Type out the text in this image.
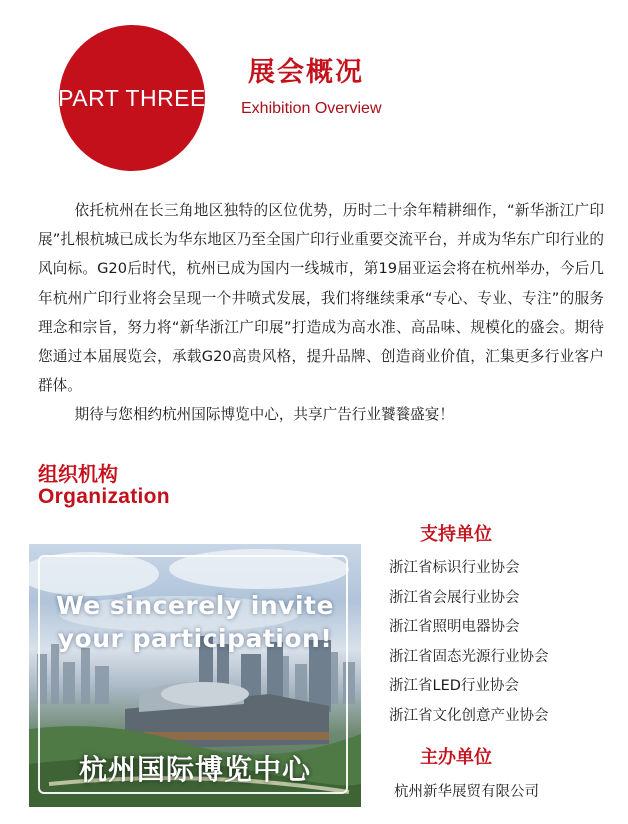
PART THREE
展会概况
Exhibition Overview

依托杭州在长三角地区独特的区位优势，历时二十余年精耕细作，“新华浙江广印展”扎根杭城已成长为华东地区乃至全国广印行业重要交流平台，并成为华东广印行业的风向标。G20后时代，杭州已成为国内一线城市，第19届亚运会将在杭州举办，今后几年杭州广印行业将会呈现一个井喷式发展，我们将继续秉承“专心、专业、专注”的服务理念和宗旨，努力将“新华浙江广印展”打造成为高水准、高品味、规模化的盛会。期待您通过本届展览会，承载G20高贵风格，提升品牌、创造商业价值，汇集更多行业客户群体。

期待与您相约杭州国际博览中心，共享广告行业饕餮盛宴！

组织机构
Organization
We sincerely invite
your participation!
杭州国际博览中心
支持单位
浙江省标识行业协会
浙江省会展行业协会
浙江省照明电器协会
浙江省固态光源行业协会
浙江省LED行业协会
浙江省文化创意产业协会
主办单位
杭州新华展贸有限公司
